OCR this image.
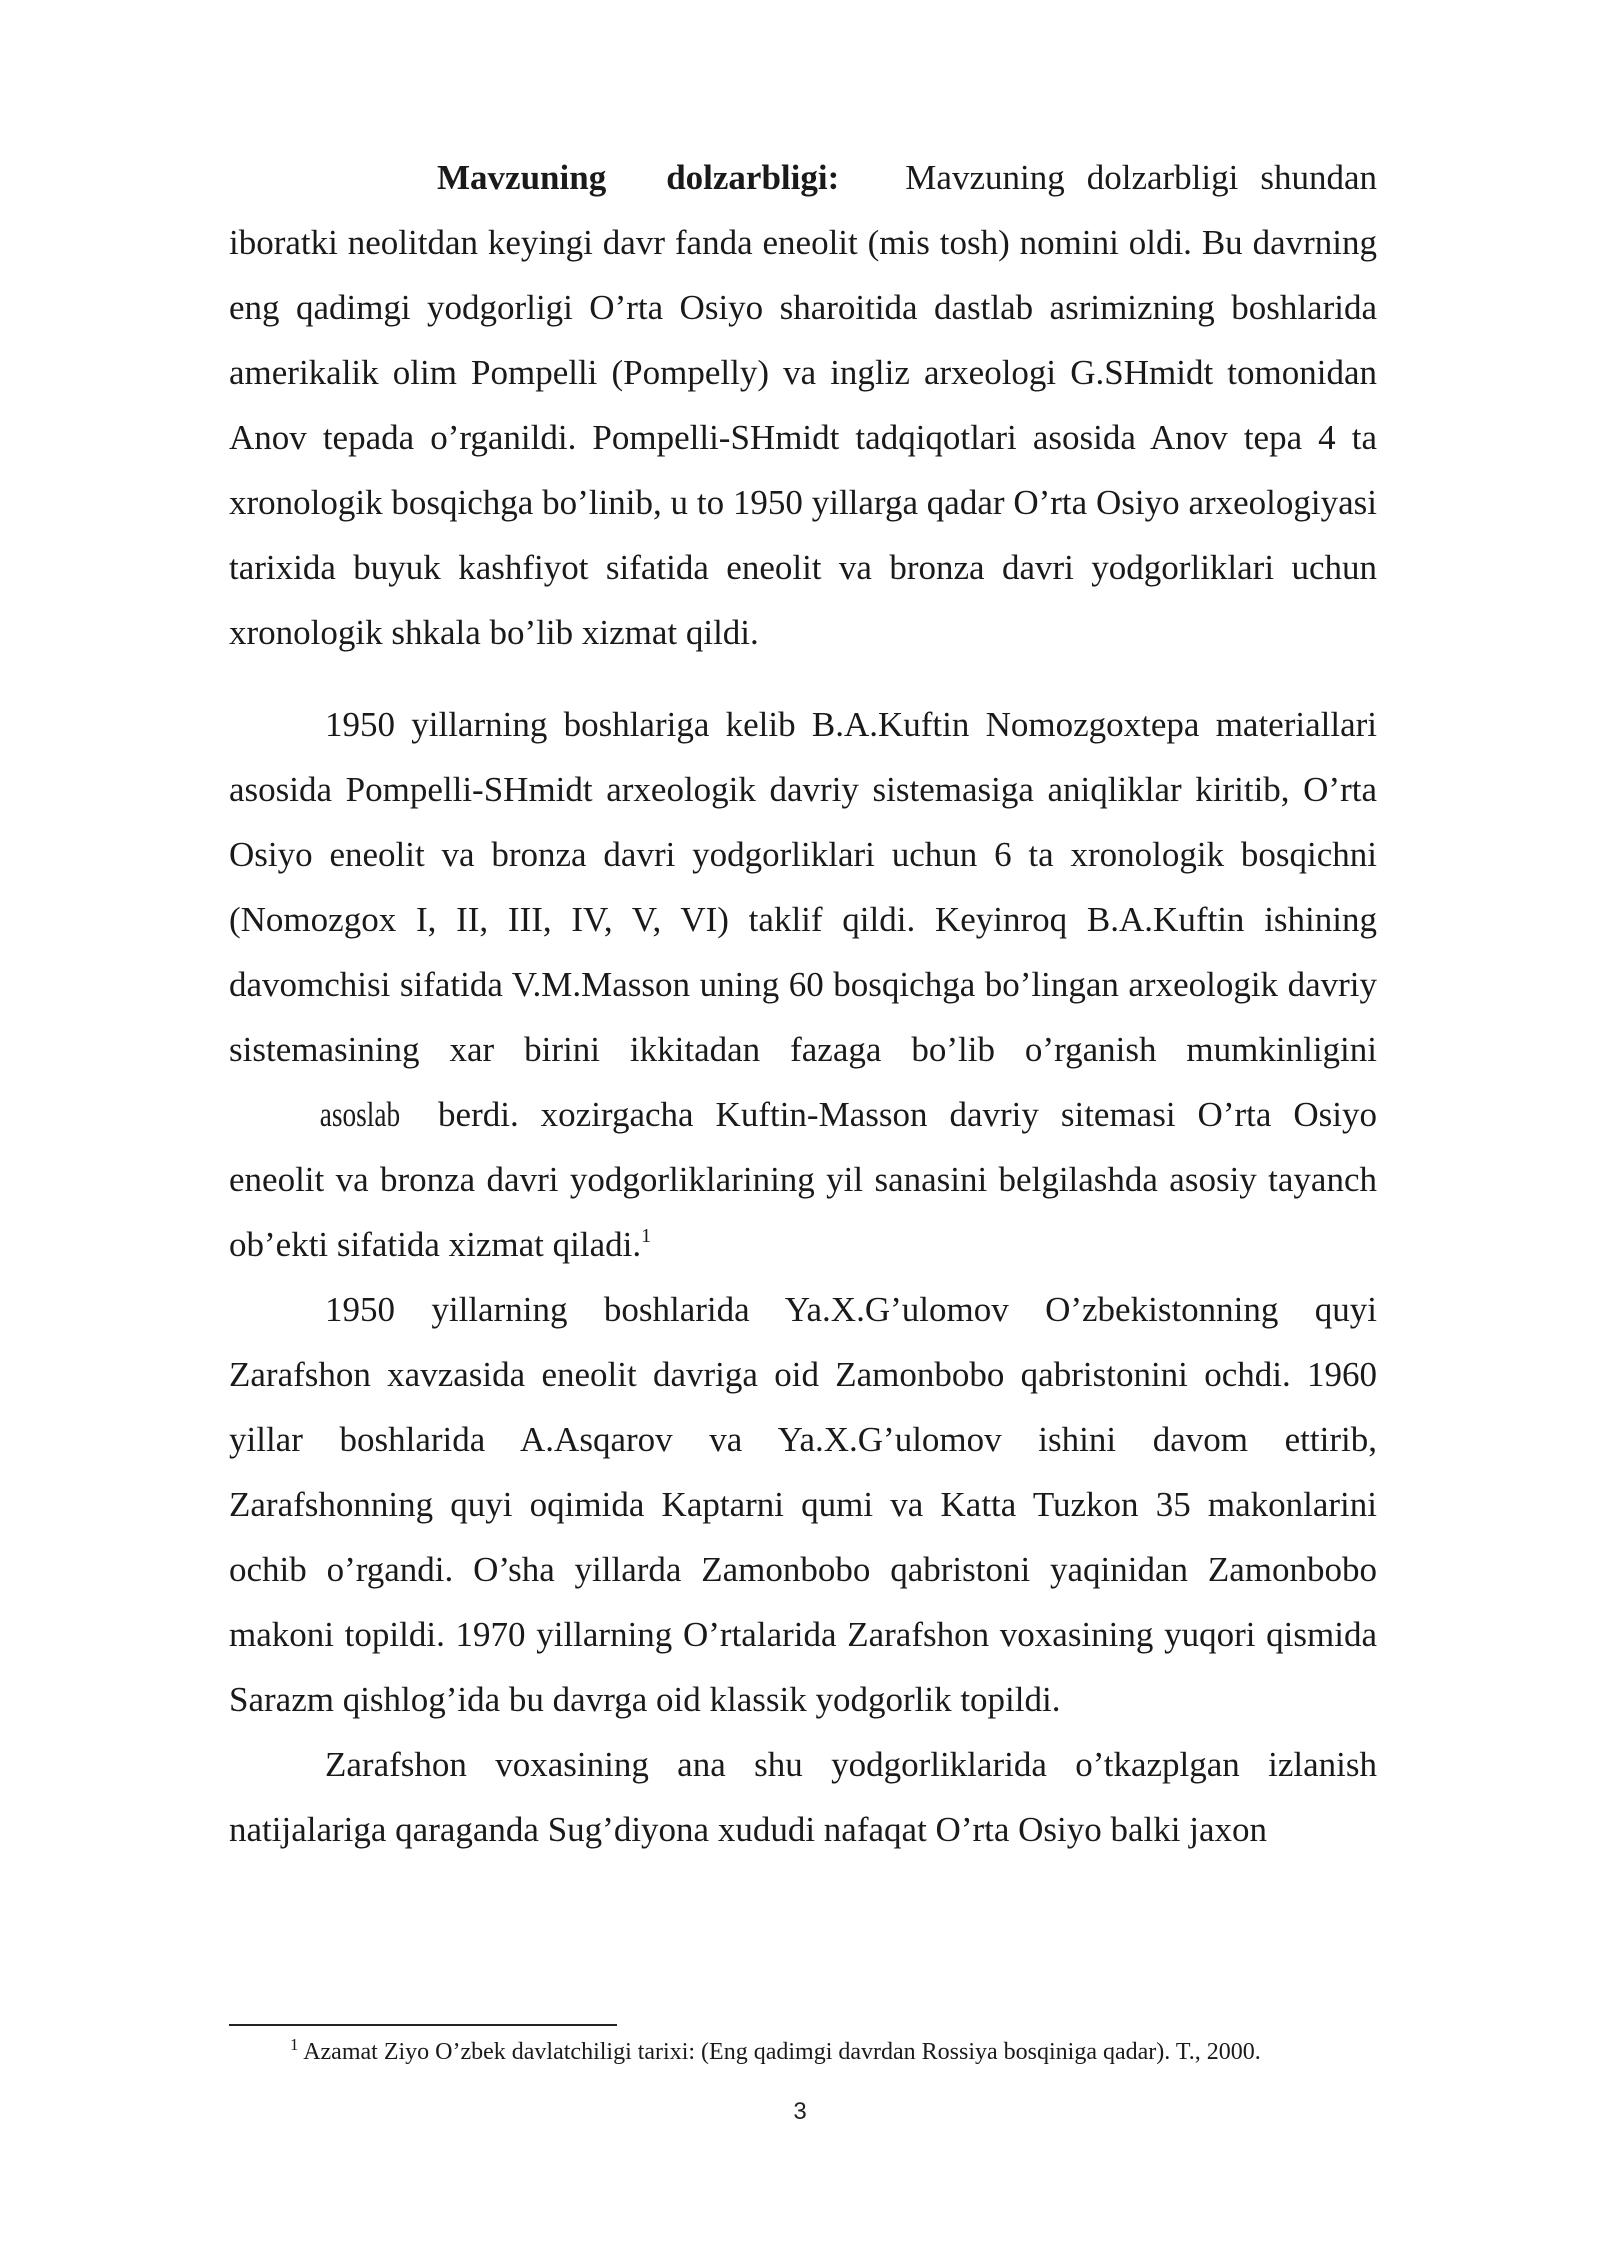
Mavzuning dolzarbligi: Mavzuning dolzarbligi shundan iboratki neolitdan keyingi davr fanda eneolit (mis tosh) nomini oldi. Bu davrning eng qadimgi yodgorligi O’rta Osiyo sharoitida dastlab asrimizning boshlarida amerikalik olim Pompelli (Pompelly) va ingliz arxeologi G.SHmidt tomonidan Anov tepada o’rganildi. Pompelli-SHmidt tadqiqotlari asosida Anov tepa 4 ta xronologik bosqichga bo’linib, u to 1950 yillarga qadar O’rta Osiyo arxeologiyasi tarixida buyuk kashfiyot sifatida eneolit va bronza davri yodgorliklari uchun xronologik shkala bo’lib xizmat qildi.

1950 yillarning boshlariga kelib B.A.Kuftin Nomozgoxtepa materiallari asosida Pompelli-SHmidt arxeologik davriy sistemasiga aniqliklar kiritib, O’rta Osiyo eneolit va bronza davri yodgorliklari uchun 6 ta xronologik bosqichni (Nomozgox I, II, III, IV, V, VI) taklif qildi. Keyinroq B.A.Kuftin ishining davomchisi sifatida V.M.Masson uning 60 bosqichga bo’lingan arxeologik davriy sistemasining xar birini ikkitadan fazaga bo’lib o’rganish mumkinligini asoslab berdi. xozirgacha Kuftin-Masson davriy sitemasi O’rta Osiyo eneolit va bronza davri yodgorliklarining yil sanasini belgilashda asosiy tayanch ob’ekti sifatida xizmat qiladi.$^1$

1950 yillarning boshlarida Ya.X.G’ulomov O’zbekistonning quyi Zarafshon xavzasida eneolit davriga oid Zamonbobo qabristonini ochdi. 1960 yillar boshlarida A.Asqarov va Ya.X.G’ulomov ishini davom ettirib, Zarafshonning quyi oqimida Kaptarni qumi va Katta Tuzkon 35 makonlarini ochib o’rgandi. O’sha yillarda Zamonbobo qabristoni yaqinidan Zamonbobo makoni topildi. 1970 yillarning O’rtalarida Zarafshon voxasining yuqori qismida Sarazm qishlog’ida bu davrga oid klassik yodgorlik topildi.

Zarafshon voxasining ana shu yodgorliklarida o’tkazplgan izlanish natijalariga qaraganda Sug’diyona xududi nafaqat O’rta Osiyo balki jaxon

$^1$ Azamat Ziyo O’zbek davlatchiligi tarixi: (Eng qadimgi davrdan Rossiya bosqiniga qadar). T., 2000.
3
